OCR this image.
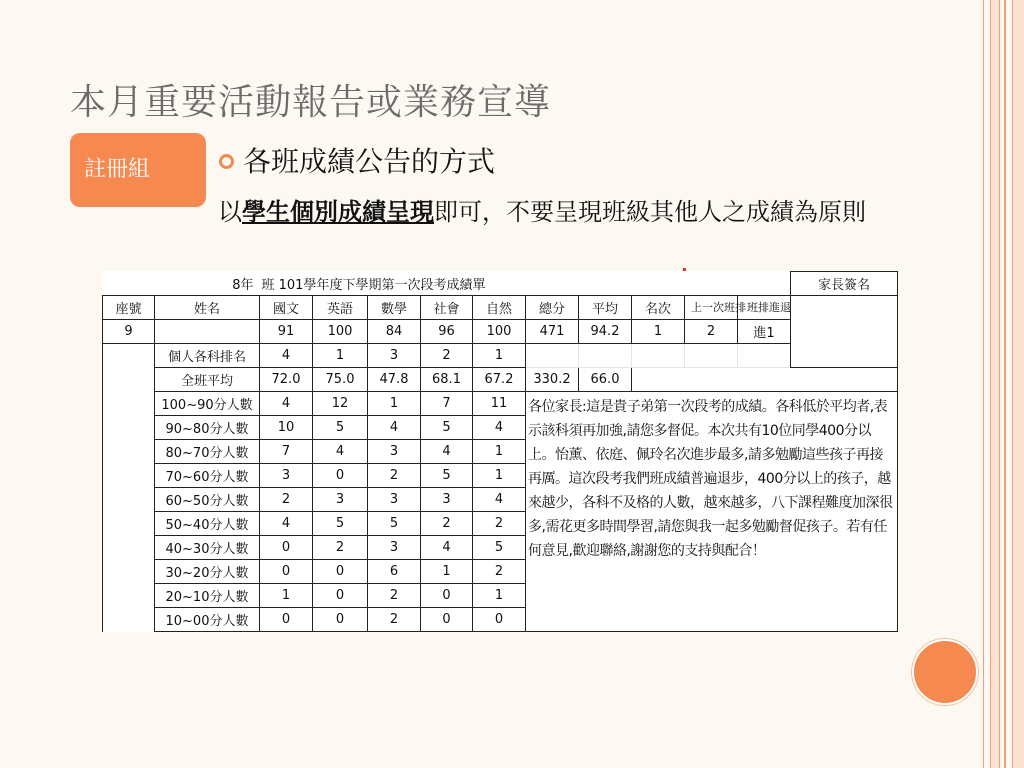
本月重要活動報告或業務宣導
註冊組	各班成績公告的方式
以學生個別成績呈現即可，不要呈現班級其他人之成績為原則
	8年	班 101學年度下學期第一次段考成績單										家長簽名
座號	姓名	國文	英語	數學	社會	自然	總分	平均	名次	上一次班排	班排進退	

9		91	100	84	96	100	471	94.2	1	2	進1	
	個人各科排名	4	1	3	2	1						
	全班平均	72.0	75.0	47.8	68.1	67.2	330.2	66.0				
	100~90分人數	4	12	1	7	11	各位家長:這是貴子弟第一次段考的成績。各科低於平均者,表示該科須再加強,請您多督促。本次共有10位同學400分以上。怡薰、依庭、佩玲名次進步最多,請多勉勵這些孩子再接再厲。這次段考我們班成績普遍退步，400分以上的孩子，越來越少，各科不及格的人數，越來越多，八下課程難度加深很多,需花更多時間學習,請您與我一起多勉勵督促孩子。若有任何意見,歡迎聯絡,謝謝您的支持與配合！					
	90~80分人數	10	5	4	5	4						
	80~70分人數	7	4	3	4	1						
	70~60分人數	3	0	2	5	1						
	60~50分人數	2	3	3	3	4						
	50~40分人數	4	5	5	2	2						
	40~30分人數	0	2	3	4	5						
	30~20分人數	0	0	6	1	2						
	20~10分人數	1	0	2	0	1						
	10~00分人數	0	0	2	0	0						
